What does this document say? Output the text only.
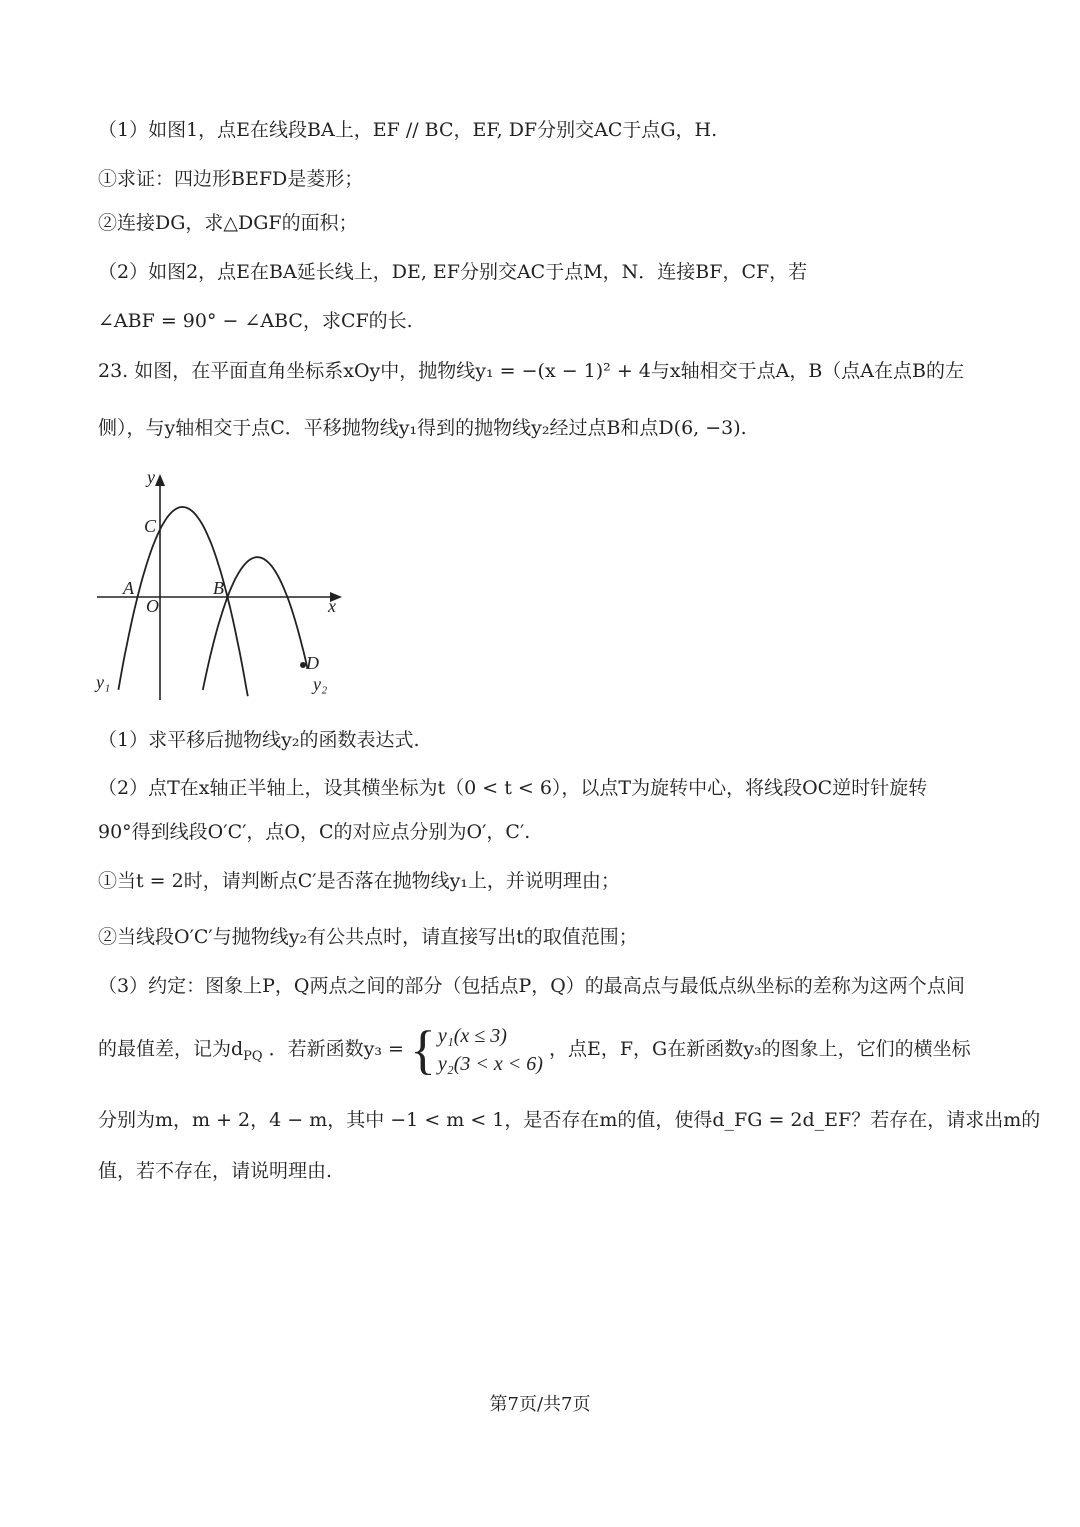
（1）如图1，点E在线段BA上，EF // BC，EF, DF分别交AC于点G，H.
①求证：四边形BEFD是菱形；
②连接DG，求△DGF的面积；
（2）如图2，点E在BA延长线上，DE, EF分别交AC于点M，N．连接BF，CF，若
∠ABF = 90° − ∠ABC，求CF的长.
23. 如图，在平面直角坐标系xOy中，抛物线y₁ = −(x − 1)² + 4与x轴相交于点A，B（点A在点B的左
侧），与y轴相交于点C．平移抛物线y₁得到的抛物线y₂经过点B和点D(6, −3).
y
x
C
A
O
B
D
y₁	y₂
（1）求平移后抛物线y₂的函数表达式.
（2）点T在x轴正半轴上，设其横坐标为t（0 < t < 6），以点T为旋转中心，将线段OC逆时针旋转
90°得到线段O′C′，点O，C的对应点分别为O′，C′.
①当t = 2时，请判断点C′是否落在抛物线y₁上，并说明理由；
②当线段O′C′与抛物线y₂有公共点时，请直接写出t的取值范围；
（3）约定：图象上P，Q两点之间的部分（包括点P，Q）的最高点与最低点纵坐标的差称为这两个点间
的最值差，记为$d_{PQ}$ ．若新函数y₃ = { y₁(x ≤ 3)
y₂(3 < x < 6)
，点E，F，G在新函数y₃的图象上，它们的横坐标
分别为m，m + 2，4 − m，其中 −1 < m < 1，是否存在m的值，使得d_FG = 2d_EF？若存在，请求出m的
值，若不存在，请说明理由.
第7页/共7页
